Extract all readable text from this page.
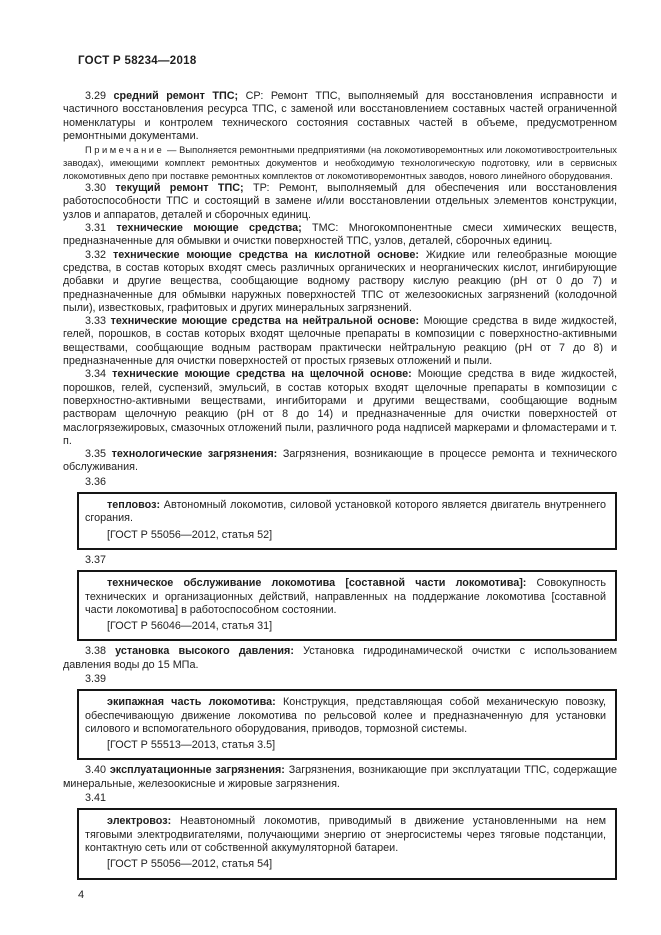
ГОСТ Р 58234—2018

3.29 средний ремонт ТПС; СР: Ремонт ТПС, выполняемый для восстановления исправности и частичного восстановления ресурса ТПС, с заменой или восстановлением составных частей ограниченной номенклатуры и контролем технического состояния составных частей в объеме, предусмотренном ремонтными документами.

Примечание — Выполняется ремонтными предприятиями (на локомотиворемонтных или локомотивостроительных заводах), имеющими комплект ремонтных документов и необходимую технологическую подготовку, или в сервисных локомотивных депо при поставке ремонтных комплектов от локомотиворемонтных заводов, нового линейного оборудования.

3.30 текущий ремонт ТПС; ТР: Ремонт, выполняемый для обеспечения или восстановления работоспособности ТПС и состоящий в замене и/или восстановлении отдельных элементов конструкции, узлов и аппаратов, деталей и сборочных единиц.

3.31 технические моющие средства; ТМС: Многокомпонентные смеси химических веществ, предназначенные для обмывки и очистки поверхностей ТПС, узлов, деталей, сборочных единиц.

3.32 технические моющие средства на кислотной основе: Жидкие или гелеобразные моющие средства, в состав которых входят смесь различных органических и неорганических кислот, ингибирующие добавки и другие вещества, сообщающие водному раствору кислую реакцию (рН от 0 до 7) и предназначенные для обмывки наружных поверхностей ТПС от железоокисных загрязнений (колодочной пыли), известковых, графитовых и других минеральных загрязнений.

3.33 технические моющие средства на нейтральной основе: Моющие средства в виде жидкостей, гелей, порошков, в состав которых входят щелочные препараты в композиции с поверхностно-активными веществами, сообщающие водным растворам практически нейтральную реакцию (рН от 7 до 8) и предназначенные для очистки поверхностей от простых грязевых отложений и пыли.

3.34 технические моющие средства на щелочной основе: Моющие средства в виде жидкостей, порошков, гелей, суспензий, эмульсий, в состав которых входят щелочные препараты в композиции с поверхностно-активными веществами, ингибиторами и другими веществами, сообщающие водным растворам щелочную реакцию (рН от 8 до 14) и предназначенные для очистки поверхностей от маслогрязежировых, смазочных отложений пыли, различного рода надписей маркерами и фломастерами и т. п.

3.35 технологические загрязнения: Загрязнения, возникающие в процессе ремонта и технического обслуживания.

3.36

тепловоз: Автономный локомотив, силовой установкой которого является двигатель внутреннего сгорания.

[ГОСТ Р 55056—2012, статья 52]

3.37

техническое обслуживание локомотива [составной части локомотива]: Совокупность технических и организационных действий, направленных на поддержание локомотива [составной части локомотива] в работоспособном состоянии.

[ГОСТ Р 56046—2014, статья 31]

3.38 установка высокого давления: Установка гидродинамической очистки с использованием давления воды до 15 МПа.

3.39

экипажная часть локомотива: Конструкция, представляющая собой механическую повозку, обеспечивающую движение локомотива по рельсовой колее и предназначенную для установки силового и вспомогательного оборудования, приводов, тормозной системы.

[ГОСТ Р 55513—2013, статья 3.5]

3.40 эксплуатационные загрязнения: Загрязнения, возникающие при эксплуатации ТПС, содержащие минеральные, железоокисные и жировые загрязнения.

3.41

электровоз: Неавтономный локомотив, приводимый в движение установленными на нем тяговыми электродвигателями, получающими энергию от энергосистемы через тяговые подстанции, контактную сеть или от собственной аккумуляторной батареи.

[ГОСТ Р 55056—2012, статья 54]

4
